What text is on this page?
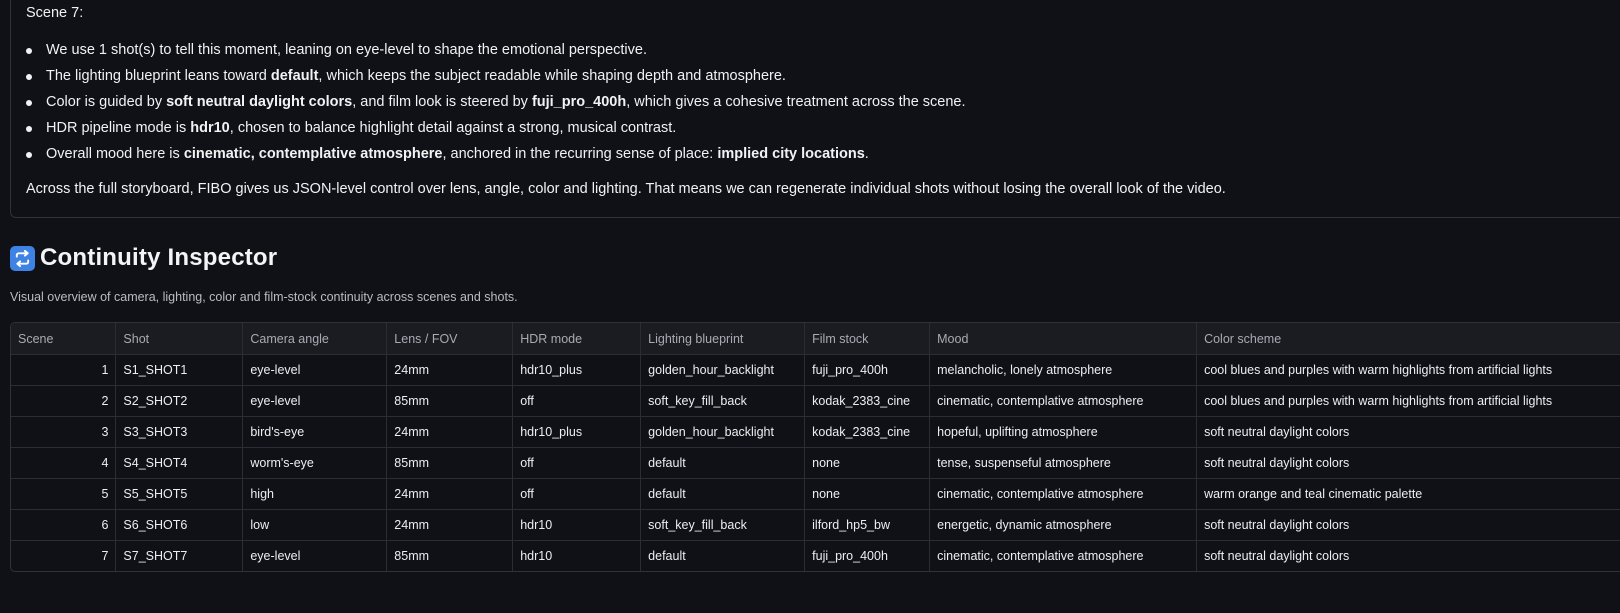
Scene 7:
We use 1 shot(s) to tell this moment, leaning on eye-level to shape the emotional perspective.
The lighting blueprint leans toward default, which keeps the subject readable while shaping depth and atmosphere.
Color is guided by soft neutral daylight colors, and film look is steered by fuji_pro_400h, which gives a cohesive treatment across the scene.
HDR pipeline mode is hdr10, chosen to balance highlight detail against a strong, musical contrast.
Overall mood here is cinematic, contemplative atmosphere, anchored in the recurring sense of place: implied city locations.
Across the full storyboard, FIBO gives us JSON-level control over lens, angle, color and lighting. That means we can regenerate individual shots without losing the overall look of the video.
Continuity Inspector
Visual overview of camera, lighting, color and film-stock continuity across scenes and shots.
Scene	Shot	Camera angle	Lens / FOV	HDR mode	Lighting blueprint	Film stock	Mood	Color scheme
1	S1_SHOT1	eye-level	24mm	hdr10_plus	golden_hour_backlight	fuji_pro_400h	melancholic, lonely atmosphere	cool blues and purples with warm highlights from artificial lights
2	S2_SHOT2	eye-level	85mm	off	soft_key_fill_back	kodak_2383_cine	cinematic, contemplative atmosphere	cool blues and purples with warm highlights from artificial lights
3	S3_SHOT3	bird's-eye	24mm	hdr10_plus	golden_hour_backlight	kodak_2383_cine	hopeful, uplifting atmosphere	soft neutral daylight colors
4	S4_SHOT4	worm's-eye	85mm	off	default	none	tense, suspenseful atmosphere	soft neutral daylight colors
5	S5_SHOT5	high	24mm	off	default	none	cinematic, contemplative atmosphere	warm orange and teal cinematic palette
6	S6_SHOT6	low	24mm	hdr10	soft_key_fill_back	ilford_hp5_bw	energetic, dynamic atmosphere	soft neutral daylight colors
7	S7_SHOT7	eye-level	85mm	hdr10	default	fuji_pro_400h	cinematic, contemplative atmosphere	soft neutral daylight colors
